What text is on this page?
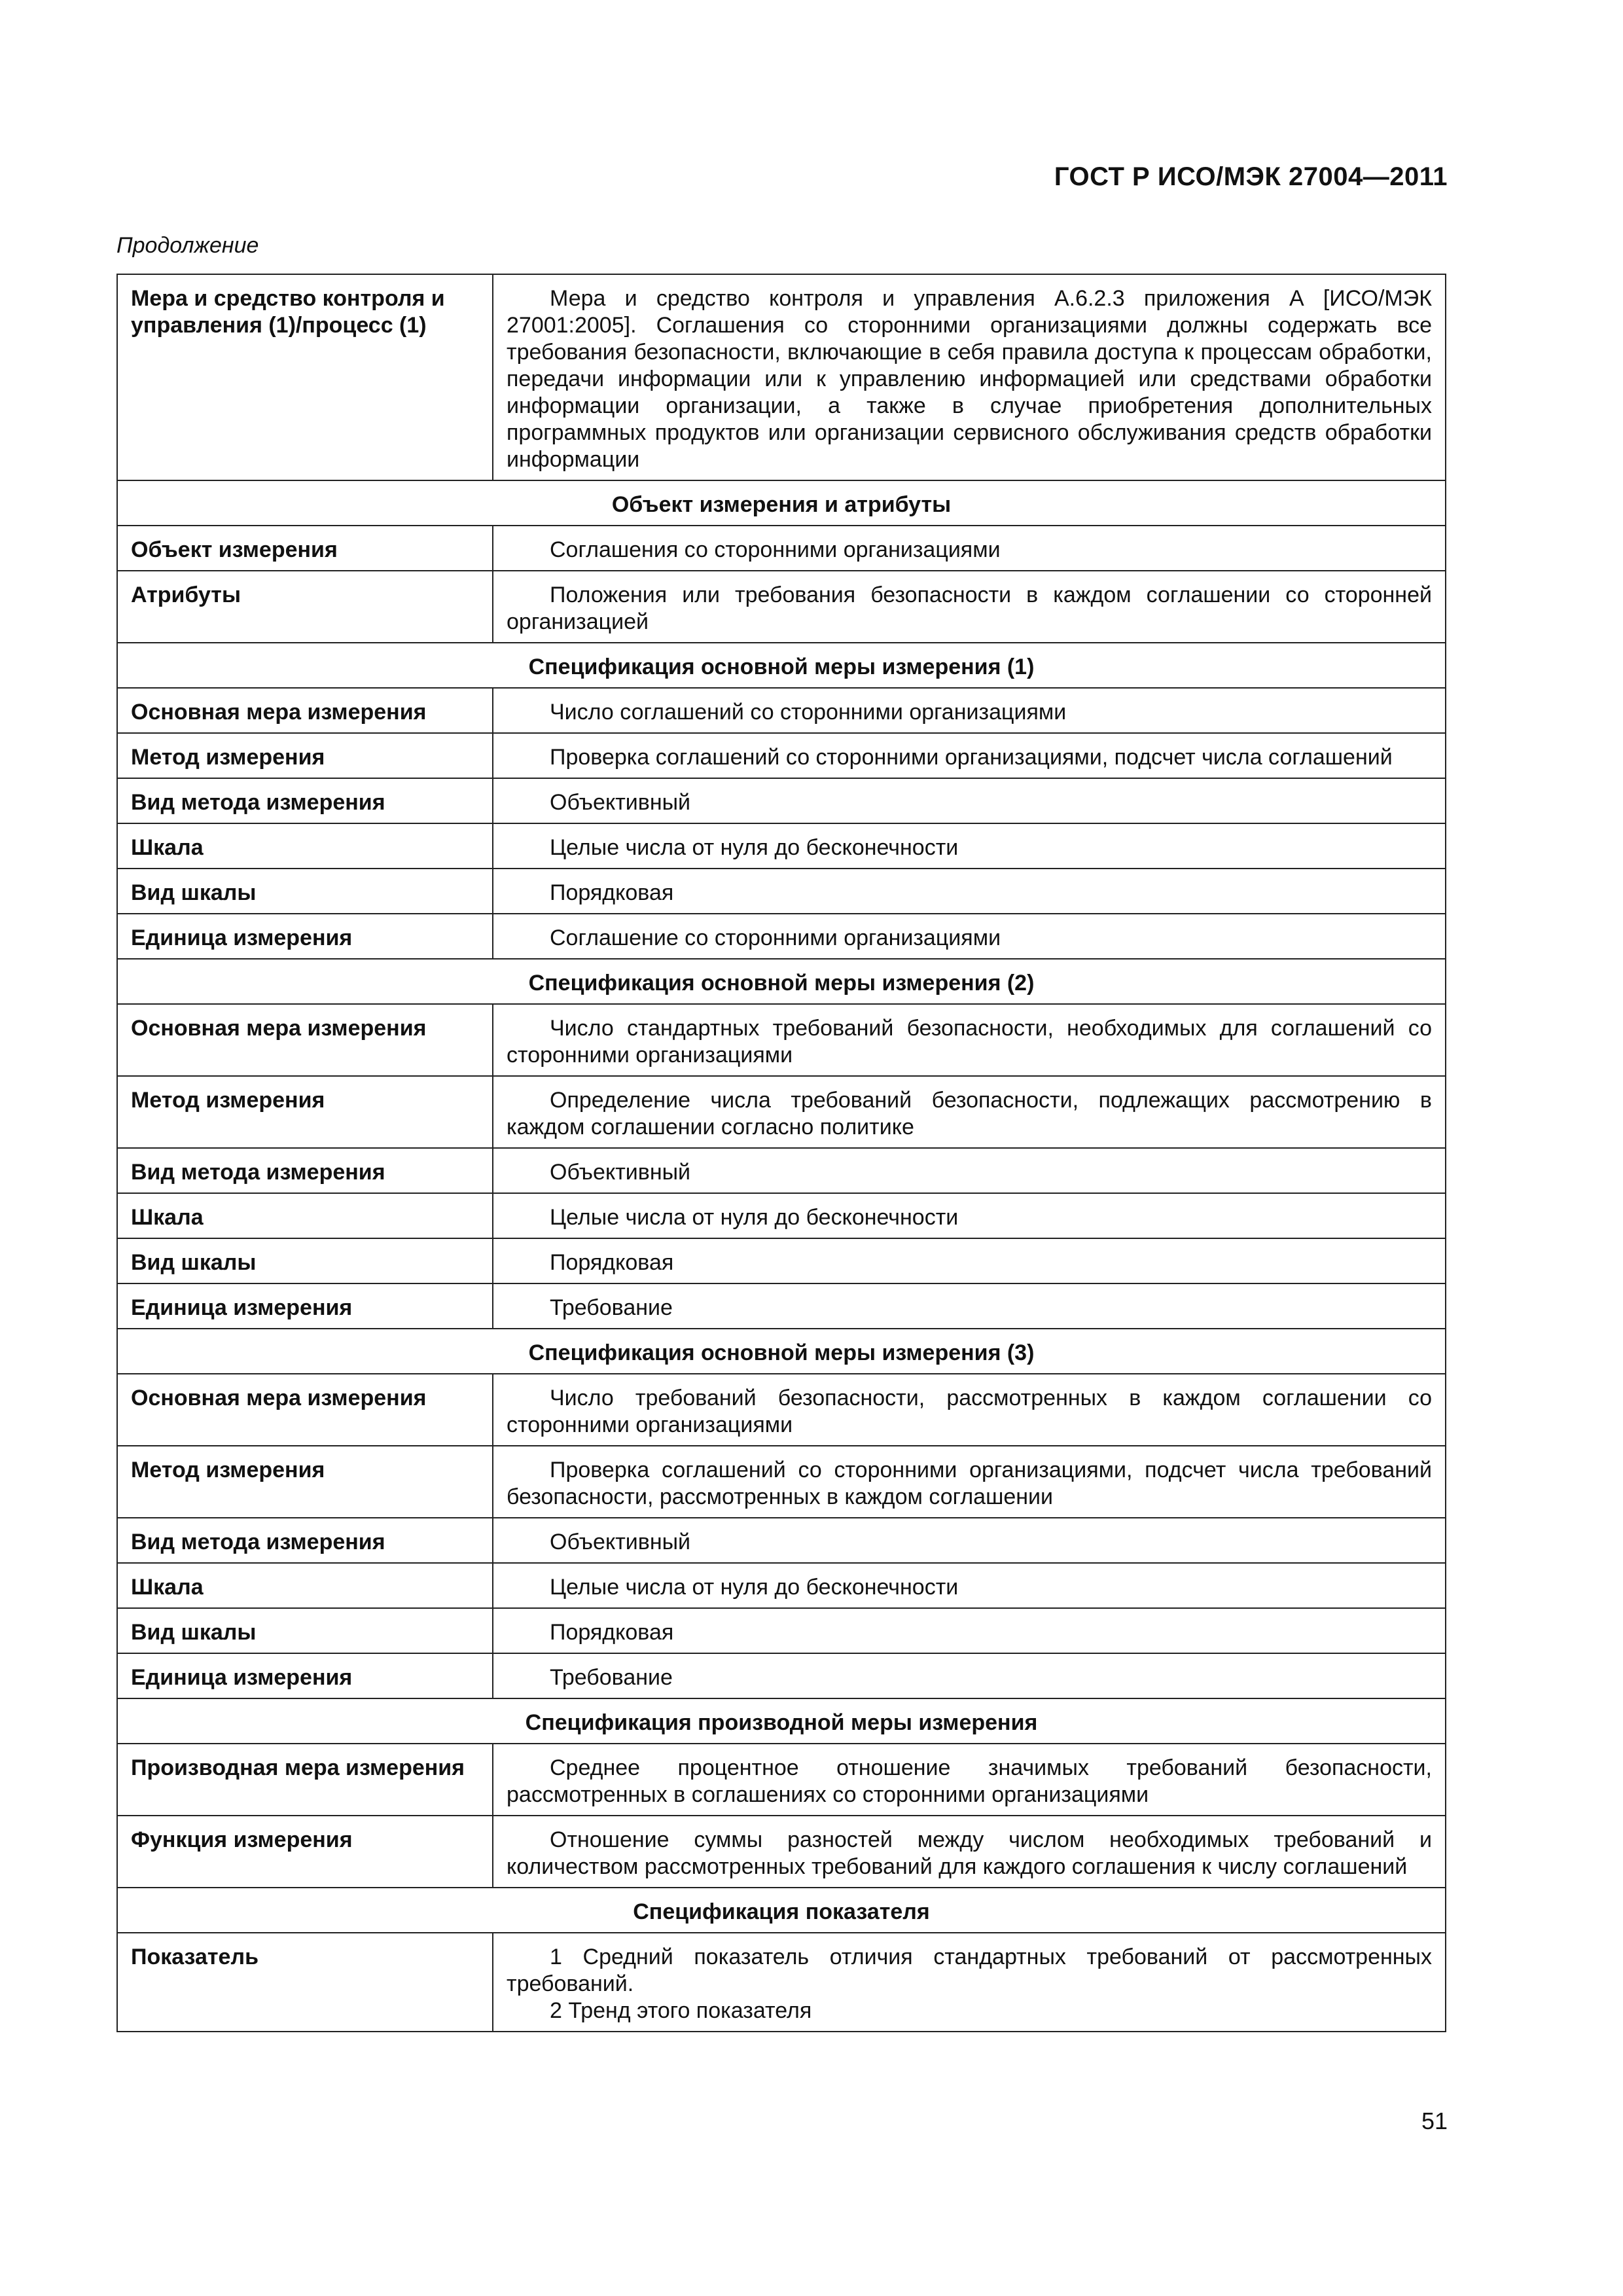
ГОСТ Р ИСО/МЭК 27004—2011
Продолжение
Мера и средство контроля и управления (1)/процесс (1)	Мера и средство контроля и управления А.6.2.3 приложения А [ИСО/МЭК 27001:2005]. Соглашения со сторонними организациями должны содержать все требования безопасности, включающие в себя правила доступа к процессам обработки, передачи информации или к управлению информацией или средствами обработки информации организации, а также в случае приобретения дополнительных программных продуктов или организации сервисного обслуживания средств обработки информации
Объект измерения и атрибуты	
Объект измерения	Соглашения со сторонними организациями
Атрибуты	Положения или требования безопасности в каждом соглашении со сторонней организацией
Спецификация основной меры измерения (1)	
Основная мера измерения	Число соглашений со сторонними организациями
Метод измерения	Проверка соглашений со сторонними организациями, подсчет числа соглашений
Вид метода измерения	Объективный
Шкала	Целые числа от нуля до бесконечности
Вид шкалы	Порядковая
Единица измерения	Соглашение со сторонними организациями
Спецификация основной меры измерения (2)	
Основная мера измерения	Число стандартных требований безопасности, необходимых для соглашений со сторонними организациями
Метод измерения	Определение числа требований безопасности, подлежащих рассмотрению в каждом соглашении согласно политике
Вид метода измерения	Объективный
Шкала	Целые числа от нуля до бесконечности
Вид шкалы	Порядковая
Единица измерения	Требование
Спецификация основной меры измерения (3)	
Основная мера измерения	Число требований безопасности, рассмотренных в каждом соглашении со сторонними организациями
Метод измерения	Проверка соглашений со сторонними организациями, подсчет числа требований безопасности, рассмотренных в каждом соглашении
Вид метода измерения	Объективный
Шкала	Целые числа от нуля до бесконечности
Вид шкалы	Порядковая
Единица измерения	Требование
Спецификация производной меры измерения	
Производная мера измерения	Среднее процентное отношение значимых требований безопасности, рассмотренных в соглашениях со сторонними организациями
Функция измерения	Отношение суммы разностей между числом необходимых требований и количеством рассмотренных требований для каждого соглашения к числу соглашений
Спецификация показателя	
Показатель	1 Средний показатель отличия стандартных требований от рассмотренных требований.
2 Тренд этого показателя
51
